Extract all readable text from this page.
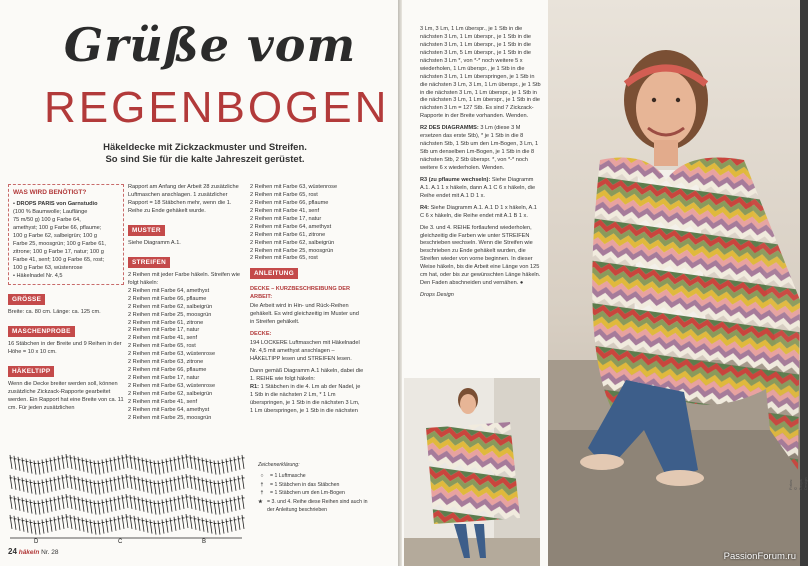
Grüße vom
REGENBOGEN
Häkeldecke mit Zickzackmuster und Streifen.
So sind Sie für die kalte Jahreszeit gerüstet.
WAS WIRD BENÖTIGT?
• DROPS PARIS von Garnstudio
(100 % Baumwolle; Lauflänge
75 m/50 g) 100 g Farbe 64,
amethyst; 100 g Farbe 66, pflaume;
100 g Farbe 62, salbeigrün; 100 g
Farbe 25, moosgrün; 100 g Farbe 61,
zitrone; 100 g Farbe 17, natur; 100 g
Farbe 41, senf; 100 g Farbe 65, rost;
100 g Farbe 63, wüstenrose
• Häkelnadel Nr. 4,5
GRÖSSE
Breite: ca. 80 cm. Länge: ca. 125 cm.
MASCHENPROBE
16 Stäbchen in der Breite und 9 Reihen in der Höhe = 10 x 10 cm.
HÄKELTIPP
Wenn die Decke breiter werden soll, können zusätzliche Zickzack-Rapporte gearbeitet werden. Ein Rapport hat eine Breite von ca. 11 cm. Für jeden zusätzlichen
Rapport am Anfang der Arbeit 28 zusätzliche Luftmaschen anschlagen. 1 zusätzlicher Rapport = 18 Stäbchen mehr, wenn die 1. Reihe zu Ende gehäkelt wurde.
MUSTER
Siehe Diagramm A.1.
STREIFEN
2 Reihen mit jeder Farbe häkeln. Streifen wie folgt häkeln:
2 Reihen mit Farbe 64, amethyst
2 Reihen mit Farbe 66, pflaume
2 Reihen mit Farbe 62, salbeigrün
2 Reihen mit Farbe 25, moosgrün
2 Reihen mit Farbe 61, zitrone
2 Reihen mit Farbe 17, natur
2 Reihen mit Farbe 41, senf
2 Reihen mit Farbe 65, rost
2 Reihen mit Farbe 63, wüstenrose
2 Reihen mit Farbe 63, zitrone
2 Reihen mit Farbe 66, pflaume
2 Reihen mit Farbe 17, natur
2 Reihen mit Farbe 63, wüstenrose
2 Reihen mit Farbe 62, salbeigrün
2 Reihen mit Farbe 41, senf
2 Reihen mit Farbe 64, amethyst
2 Reihen mit Farbe 25, moosgrün
2 Reihen mit Farbe 63, wüstenrose
2 Reihen mit Farbe 65, rost
2 Reihen mit Farbe 66, pflaume
2 Reihen mit Farbe 41, senf
2 Reihen mit Farbe 17, natur
2 Reihen mit Farbe 64, amethyst
2 Reihen mit Farbe 61, zitrone
2 Reihen mit Farbe 62, salbeigrün
2 Reihen mit Farbe 25, moosgrün
2 Reihen mit Farbe 65, rost
ANLEITUNG
DECKE – KURZBESCHREIBUNG DER ARBEIT:
Die Arbeit wird in Hin- und Rück-Reihen gehäkelt. Es wird gleichzeitig im Muster und in Streifen gehäkelt.
DECKE:
194 LOCKERE Luftmaschen mit Häkelnadel Nr. 4,5 mit amethyst anschlagen – HÄKELTIPP lesen und STREIFEN lesen.
Dann gemäß Diagramm A.1 häkeln, dabei die 1. REIHE wie folgt häkeln:
R1: 1 Stäbchen in die 4. Lm ab der Nadel, je 1 Stb in die nächsten 2 Lm, * 1 Lm überspringen, je 1 Stb in die nächsten 3 Lm, 1 Lm überspringen, je 1 Stb in die nächsten
D	C	B
Zeichenerklärung:
○	= 1 Luftmasche
†	= 1 Stäbchen in das Stäbchen
†	= 1 Stäbchen um den Lm-Bogen
★ = 3. und 4. Reihe diese Reihen sind auch in der Anleitung beschrieben
24 häkeln Nr. 28
3 Lm, 3 Lm, 1 Lm überspr., je 1 Stb in die nächsten 3 Lm, 1 Lm überspr., je 1 Stb in die nächsten 3 Lm, 1 Lm überspr., je 1 Stb in die nächsten 3 Lm, 5 Lm überspr., je 1 Stb in die nächsten 3 Lm *, von *-* noch weitere 5 x wiederholen, 1 Lm überspr., je 1 Stb in die nächsten 3 Lm, 1 Lm überspringen, je 1 Stb in die nächsten 3 Lm, 3 Lm, 1 Lm überspr., je 1 Stb in die nächsten 3 Lm, 1 Lm überspr., je 1 Stb in die nächsten 3 Lm, 1 Lm überspr., je 1 Stb in die nächsten 3 Lm = 127 Stb. Es sind 7 Zickzack-Rapporte in der Breite vorhanden. Wenden.
R2 DES DIAGRAMMS: 3 Lm (diese 3 M ersetzen das erste Stb), * je 1 Stb in die 8 nächsten Stb, 1 Stb um den Lm-Bogen, 3 Lm, 1 Stb um denselben Lm-Bogen, je 1 Stb in die 8 nächsten Stb, 2 Stb überspr. *, von *-* noch weitere 6 x wiederholen. Wenden.
R3 (zu pflaume wechseln): Siehe Diagramm A.1. A.1 1 x häkeln, dann A.1 C 6 x häkeln, die Reihe endet mit A.1 D 1 x.
R4: Siehe Diagramm A.1. A.1 D 1 x häkeln, A.1 C 6 x häkeln, die Reihe endet mit A.1 B 1 x.
Die 3. und 4. REIHE fortlaufend wiederholen, gleichzeitig die Farben wie unter STREIFEN beschrieben wechseln. Wenn die Streifen wie beschrieben zu Ende gehäkelt wurden, die Streifen wieder von vorne beginnen. In dieser Weise häkeln, bis die Arbeit eine Länge von 125 cm hat, oder bis zur gewünschten Länge häkeln. Den Faden abschneiden und vernähen. ●
Drops Design
Fotos: © Drops Design
PassionForum.ru
